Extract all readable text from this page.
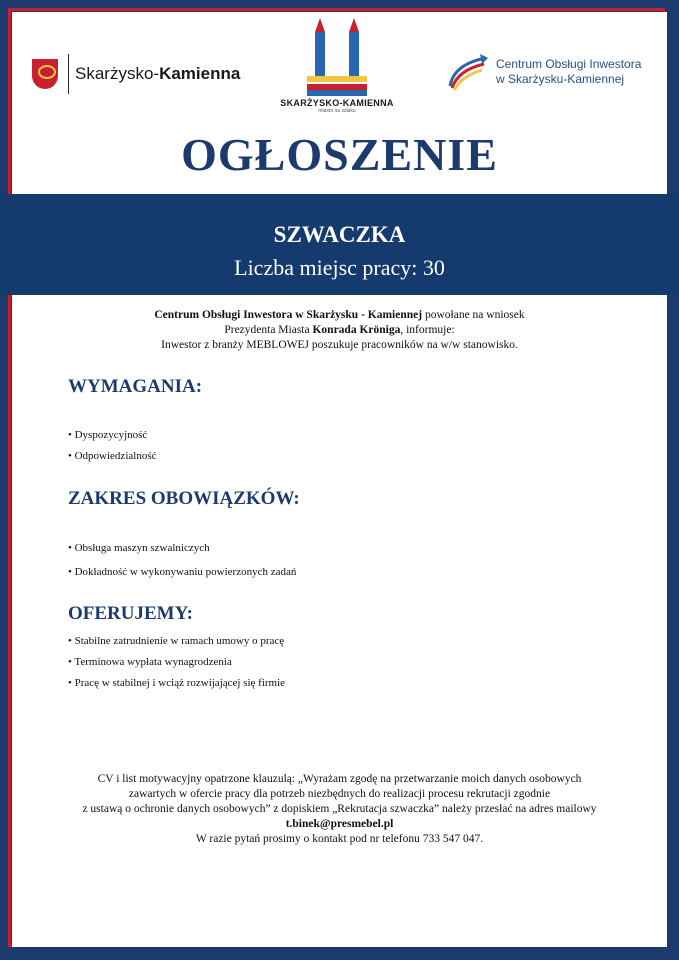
Skarżysko-Kamienna
SKARŻYSKO-KAMIENNA
miasto na szlaku
Centrum Obsługi Inwestora
w Skarżysku-Kamiennej
OGŁOSZENIE
SZWACZKA
Liczba miejsc pracy: 30
Centrum Obsługi Inwestora w Skarżysku - Kamiennej powołane na wniosek
Prezydenta Miasta Konrada Kröniga, informuje:
Inwestor z branży MEBLOWEJ poszukuje pracowników na w/w stanowisko.
WYMAGANIA:
• Dyspozycyjność
• Odpowiedzialność
ZAKRES OBOWIĄZKÓW:
• Obsługa maszyn szwalniczych
• Dokładność w wykonywaniu powierzonych zadań
OFERUJEMY:
• Stabilne zatrudnienie w ramach umowy o pracę
• Terminowa wypłata wynagrodzenia
• Pracę w stabilnej i wciąż rozwijającej się firmie
CV i list motywacyjny opatrzone klauzulą: „Wyrażam zgodę na przetwarzanie moich danych osobowych
zawartych w ofercie pracy dla potrzeb niezbędnych do realizacji procesu rekrutacji zgodnie
z ustawą o ochronie danych osobowych” z dopiskiem „Rekrutacja szwaczka” należy przesłać na adres mailowy
t.binek@presmebel.pl
W razie pytań prosimy o kontakt pod nr telefonu 733 547 047.
